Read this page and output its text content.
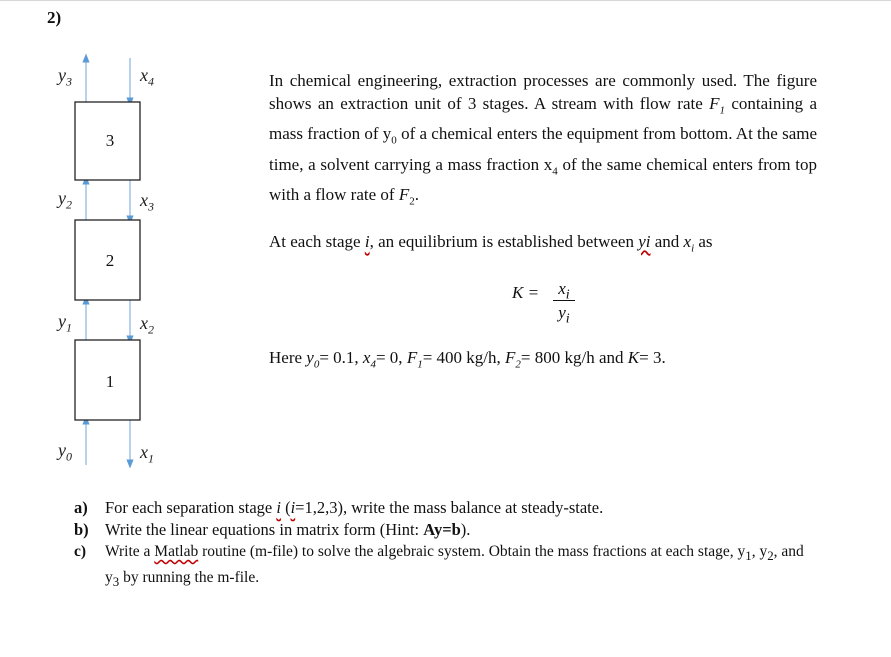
2)
3
2
1
$y_3$	$x_4$
$y_2$	$x_3$
$y_1$	$x_2$
$y_0$	$x_1$
In chemical engineering, extraction processes are commonly used. The figure shows an extraction unit of 3 stages. A stream with flow rate $F_1$ containing a mass fraction of $y_0$ of a chemical enters the equipment from bottom. At the same time, a solvent carrying a mass fraction $x_4$ of the same chemical enters from top with a flow rate of $F_2$.
At each stage i, an equilibrium is established between yi and $x_i$ as
K =	$x_i$
$y_i$
Here $y_0= 0.1$, $x_4= 0$, $F_1= 400$ kg/h, $F_2= 800$ kg/h and K= 3.
a) For each separation stage i (i=1,2,3), write the mass balance at steady-state.
b) Write the linear equations in matrix form (Hint: Ay=b).
c) Write a Matlab routine (m-file) to solve the algebraic system. Obtain the mass fractions at each stage, $y_1$, $y_2$, and $y_3$ by running the m-file.
